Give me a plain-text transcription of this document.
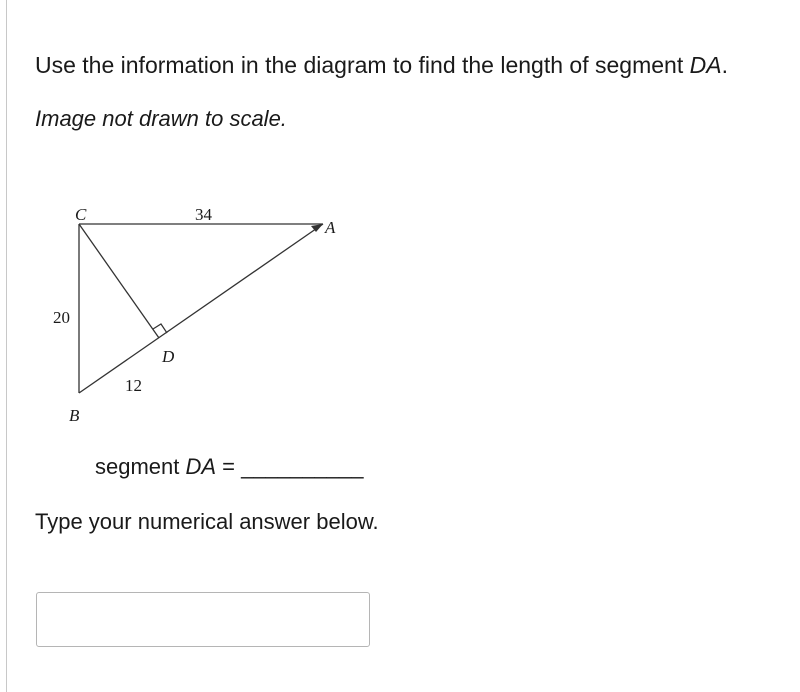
Use the information in the diagram to find the length of segment DA.
Image not drawn to scale.
C
A
B
D
34
20
12
segment DA = __________
Type your numerical answer below.
